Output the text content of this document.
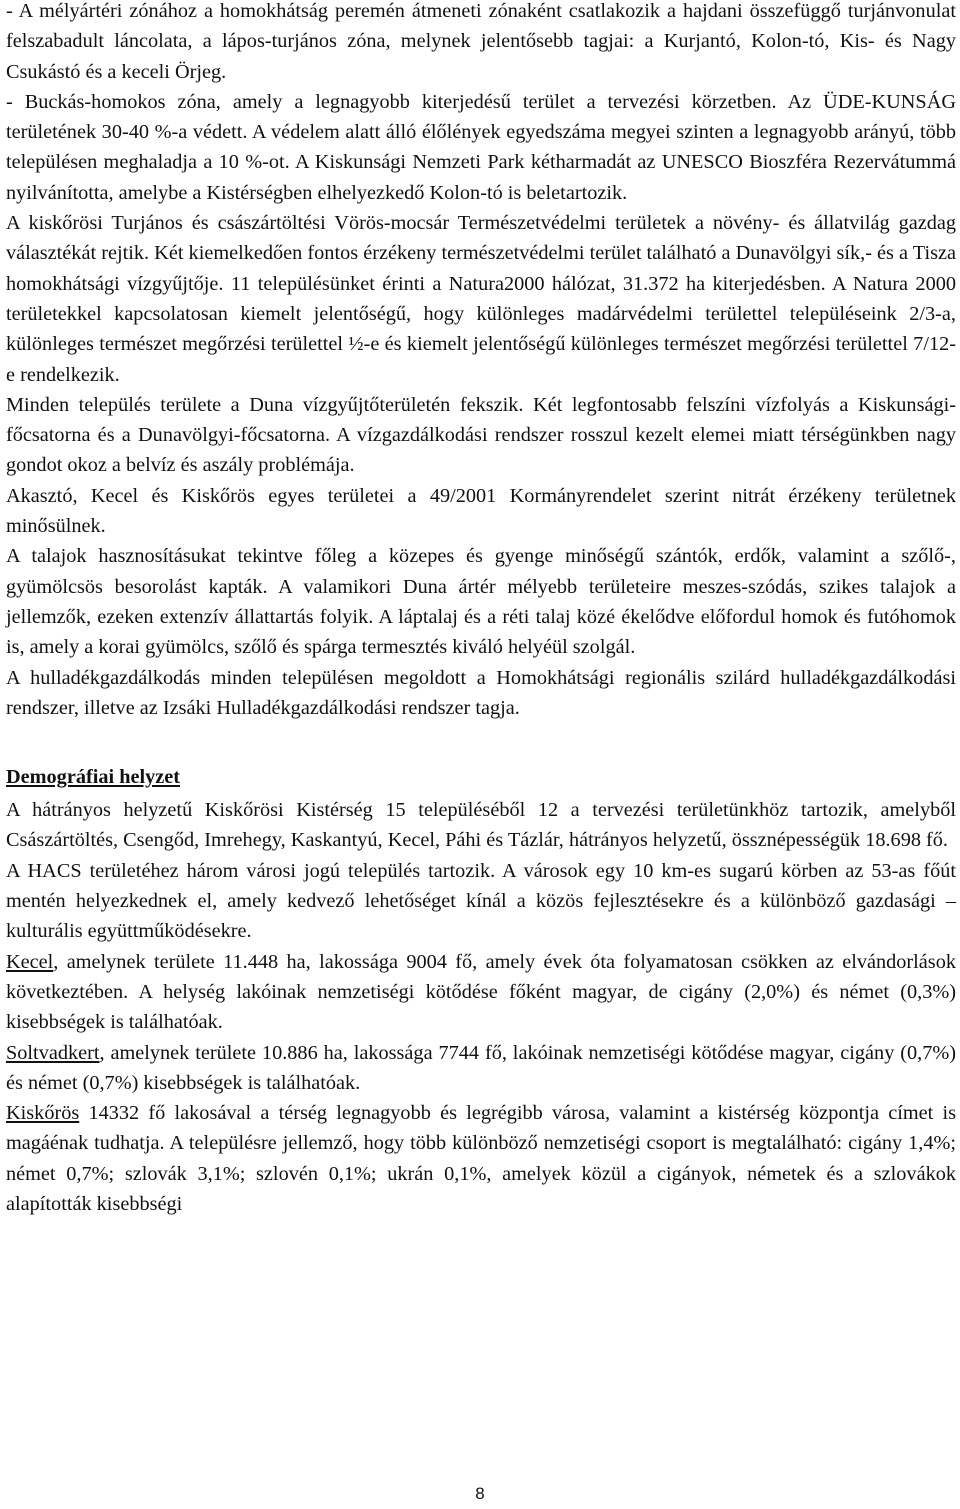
- A mélyártéri zónához a homokhátság peremén átmeneti zónaként csatlakozik a hajdani összefüggő turjánvonulat felszabadult láncolata, a lápos-turjános zóna, melynek jelentősebb tagjai: a Kurjantó, Kolon-tó, Kis- és Nagy Csukástó és a keceli Örjeg.

- Buckás-homokos zóna, amely a legnagyobb kiterjedésű terület a tervezési körzetben. Az ÜDE-KUNSÁG területének 30-40 %-a védett. A védelem alatt álló élőlények egyedszáma megyei szinten a legnagyobb arányú, több településen meghaladja a 10 %-ot. A Kiskunsági Nemzeti Park kétharmadát az UNESCO Bioszféra Rezervátummá nyilvánította, amelybe a Kistérségben elhelyezkedő Kolon-tó is beletartozik.

A kiskőrösi Turjános és császártöltési Vörös-mocsár Természetvédelmi területek a növény- és állatvilág gazdag választékát rejtik. Két kiemelkedően fontos érzékeny természetvédelmi terület található a Dunavölgyi sík,- és a Tisza homokhátsági vízgyűjtője. 11 településünket érinti a Natura2000 hálózat, 31.372 ha kiterjedésben. A Natura 2000 területekkel kapcsolatosan kiemelt jelentőségű, hogy különleges madárvédelmi területtel településeink 2/3-a, különleges természet megőrzési területtel ½-e és kiemelt jelentőségű különleges természet megőrzési területtel 7/12-e rendelkezik.

Minden település területe a Duna vízgyűjtőterületén fekszik. Két legfontosabb felszíni vízfolyás a Kiskunsági-főcsatorna és a Dunavölgyi-főcsatorna. A vízgazdálkodási rendszer rosszul kezelt elemei miatt térségünkben nagy gondot okoz a belvíz és aszály problémája.

Akasztó, Kecel és Kiskőrös egyes területei a 49/2001 Kormányrendelet szerint nitrát érzékeny területnek minősülnek.

A talajok hasznosításukat tekintve főleg a közepes és gyenge minőségű szántók, erdők, valamint a szőlő-, gyümölcsös besorolást kapták. A valamikori Duna ártér mélyebb területeire meszes-szódás, szikes talajok a jellemzők, ezeken extenzív állattartás folyik. A láptalaj és a réti talaj közé ékelődve előfordul homok és futóhomok is, amely a korai gyümölcs, szőlő és spárga termesztés kiváló helyéül szolgál.

A hulladékgazdálkodás minden településen megoldott a Homokhátsági regionális szilárd hulladékgazdálkodási rendszer, illetve az Izsáki Hulladékgazdálkodási rendszer tagja.

Demográfiai helyzet

A hátrányos helyzetű Kiskőrösi Kistérség 15 településéből 12 a tervezési területünkhöz tartozik, amelyből Császártöltés, Csengőd, Imrehegy, Kaskantyú, Kecel, Páhi és Tázlár, hátrányos helyzetű, össznépességük 18.698 fő.

A HACS területéhez három városi jogú település tartozik. A városok egy 10 km-es sugarú körben az 53-as főút mentén helyezkednek el, amely kedvező lehetőséget kínál a közös fejlesztésekre és a különböző gazdasági – kulturális együttműködésekre.

Kecel, amelynek területe 11.448 ha, lakossága 9004 fő, amely évek óta folyamatosan csökken az elvándorlások következtében. A helység lakóinak nemzetiségi kötődése főként magyar, de cigány (2,0%) és német (0,3%) kisebbségek is találhatóak.

Soltvadkert, amelynek területe 10.886 ha, lakossága 7744 fő, lakóinak nemzetiségi kötődése magyar, cigány (0,7%) és német (0,7%) kisebbségek is találhatóak.

Kiskőrös 14332 fő lakosával a térség legnagyobb és legrégibb városa, valamint a kistérség központja címet is magáénak tudhatja. A településre jellemző, hogy több különböző nemzetiségi csoport is megtalálható: cigány 1,4%; német 0,7%; szlovák 3,1%; szlovén 0,1%; ukrán 0,1%, amelyek közül a cigányok, németek és a szlovákok alapították kisebbségi

8
